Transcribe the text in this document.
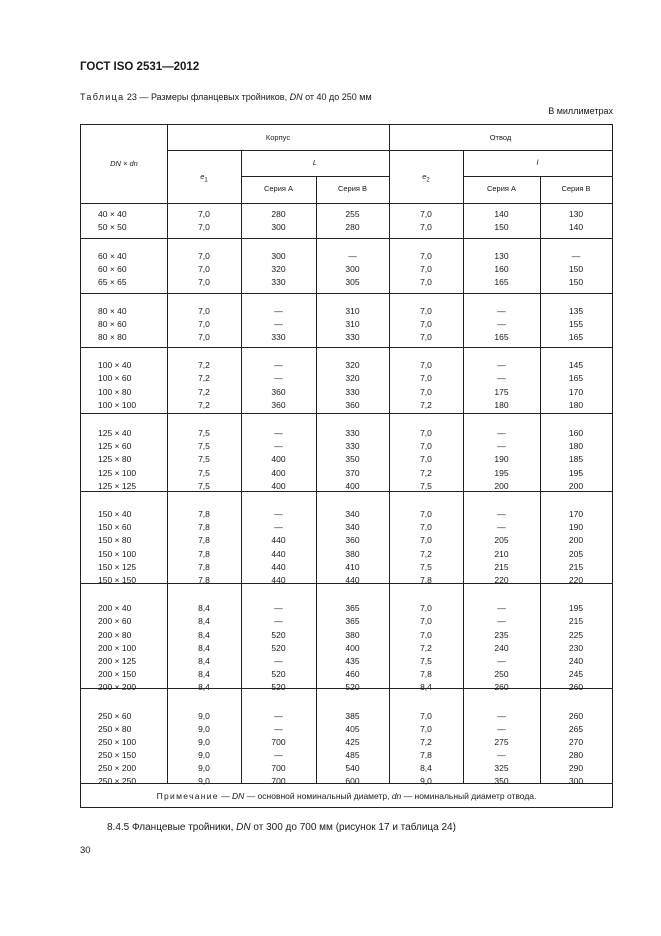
ГОСТ ISO 2531—2012
Таблица 23 — Размеры фланцевых тройников, DN от 40 до 250 мм
В миллиметрах
DN × dn
Корпус	Отвод
$e_1$
L
$e_2$
l
Серия A	Серия B	Серия A	Серия B
40 × 40	7,0	280	255	7,0	140	130
50 × 50	7,0	300	280	7,0	150	140
60 × 40	7,0	300	—	7,0	130	—
60 × 60	7,0	320	300	7,0	160	150
65 × 65	7,0	330	305	7,0	165	150
80 × 40	7,0	—	310	7,0	—	135
80 × 60	7,0	—	310	7,0	—	155
80 × 80	7,0	330	330	7,0	165	165
100 × 40	7,2	—	320	7,0	—	145
100 × 60	7,2	—	320	7,0	—	165
100 × 80	7,2	360	330	7,0	175	170
100 × 100	7,2	360	360	7,2	180	180
125 × 40	7,5	—	330	7,0	—	160
125 × 60	7,5	—	330	7,0	—	180
125 × 80	7,5	400	350	7,0	190	185
125 × 100	7,5	400	370	7,2	195	195
125 × 125	7,5	400	400	7,5	200	200
150 × 40	7,8	—	340	7,0	—	170
150 × 60	7,8	—	340	7,0	—	190
150 × 80	7,8	440	360	7,0	205	200
150 × 100	7,8	440	380	7,2	210	205
150 × 125	7,8	440	410	7,5	215	215
150 × 150	7,8	440	440	7,8	220	220
200 × 40	8,4	—	365	7,0	—	195
200 × 60	8,4	—	365	7,0	—	215
200 × 80	8,4	520	380	7,0	235	225
200 × 100	8,4	520	400	7,2	240	230
200 × 125	8,4	—	435	7,5	—	240
200 × 150	8,4	520	460	7,8	250	245
200 × 200	8,4	520	520	8,4	260	260
250 × 60	9,0	—	385	7,0	—	260
250 × 80	9,0	—	405	7,0	—	265
250 × 100	9,0	700	425	7,2	275	270
250 × 150	9,0	—	485	7,8	—	280
250 × 200	9,0	700	540	8,4	325	290
250 × 250	9,0	700	600	9,0	350	300
Примечание — DN — основной номинальный диаметр, dn — номинальный диаметр отвода.
8.4.5 Фланцевые тройники, DN от 300 до 700 мм (рисунок 17 и таблица 24)
30
